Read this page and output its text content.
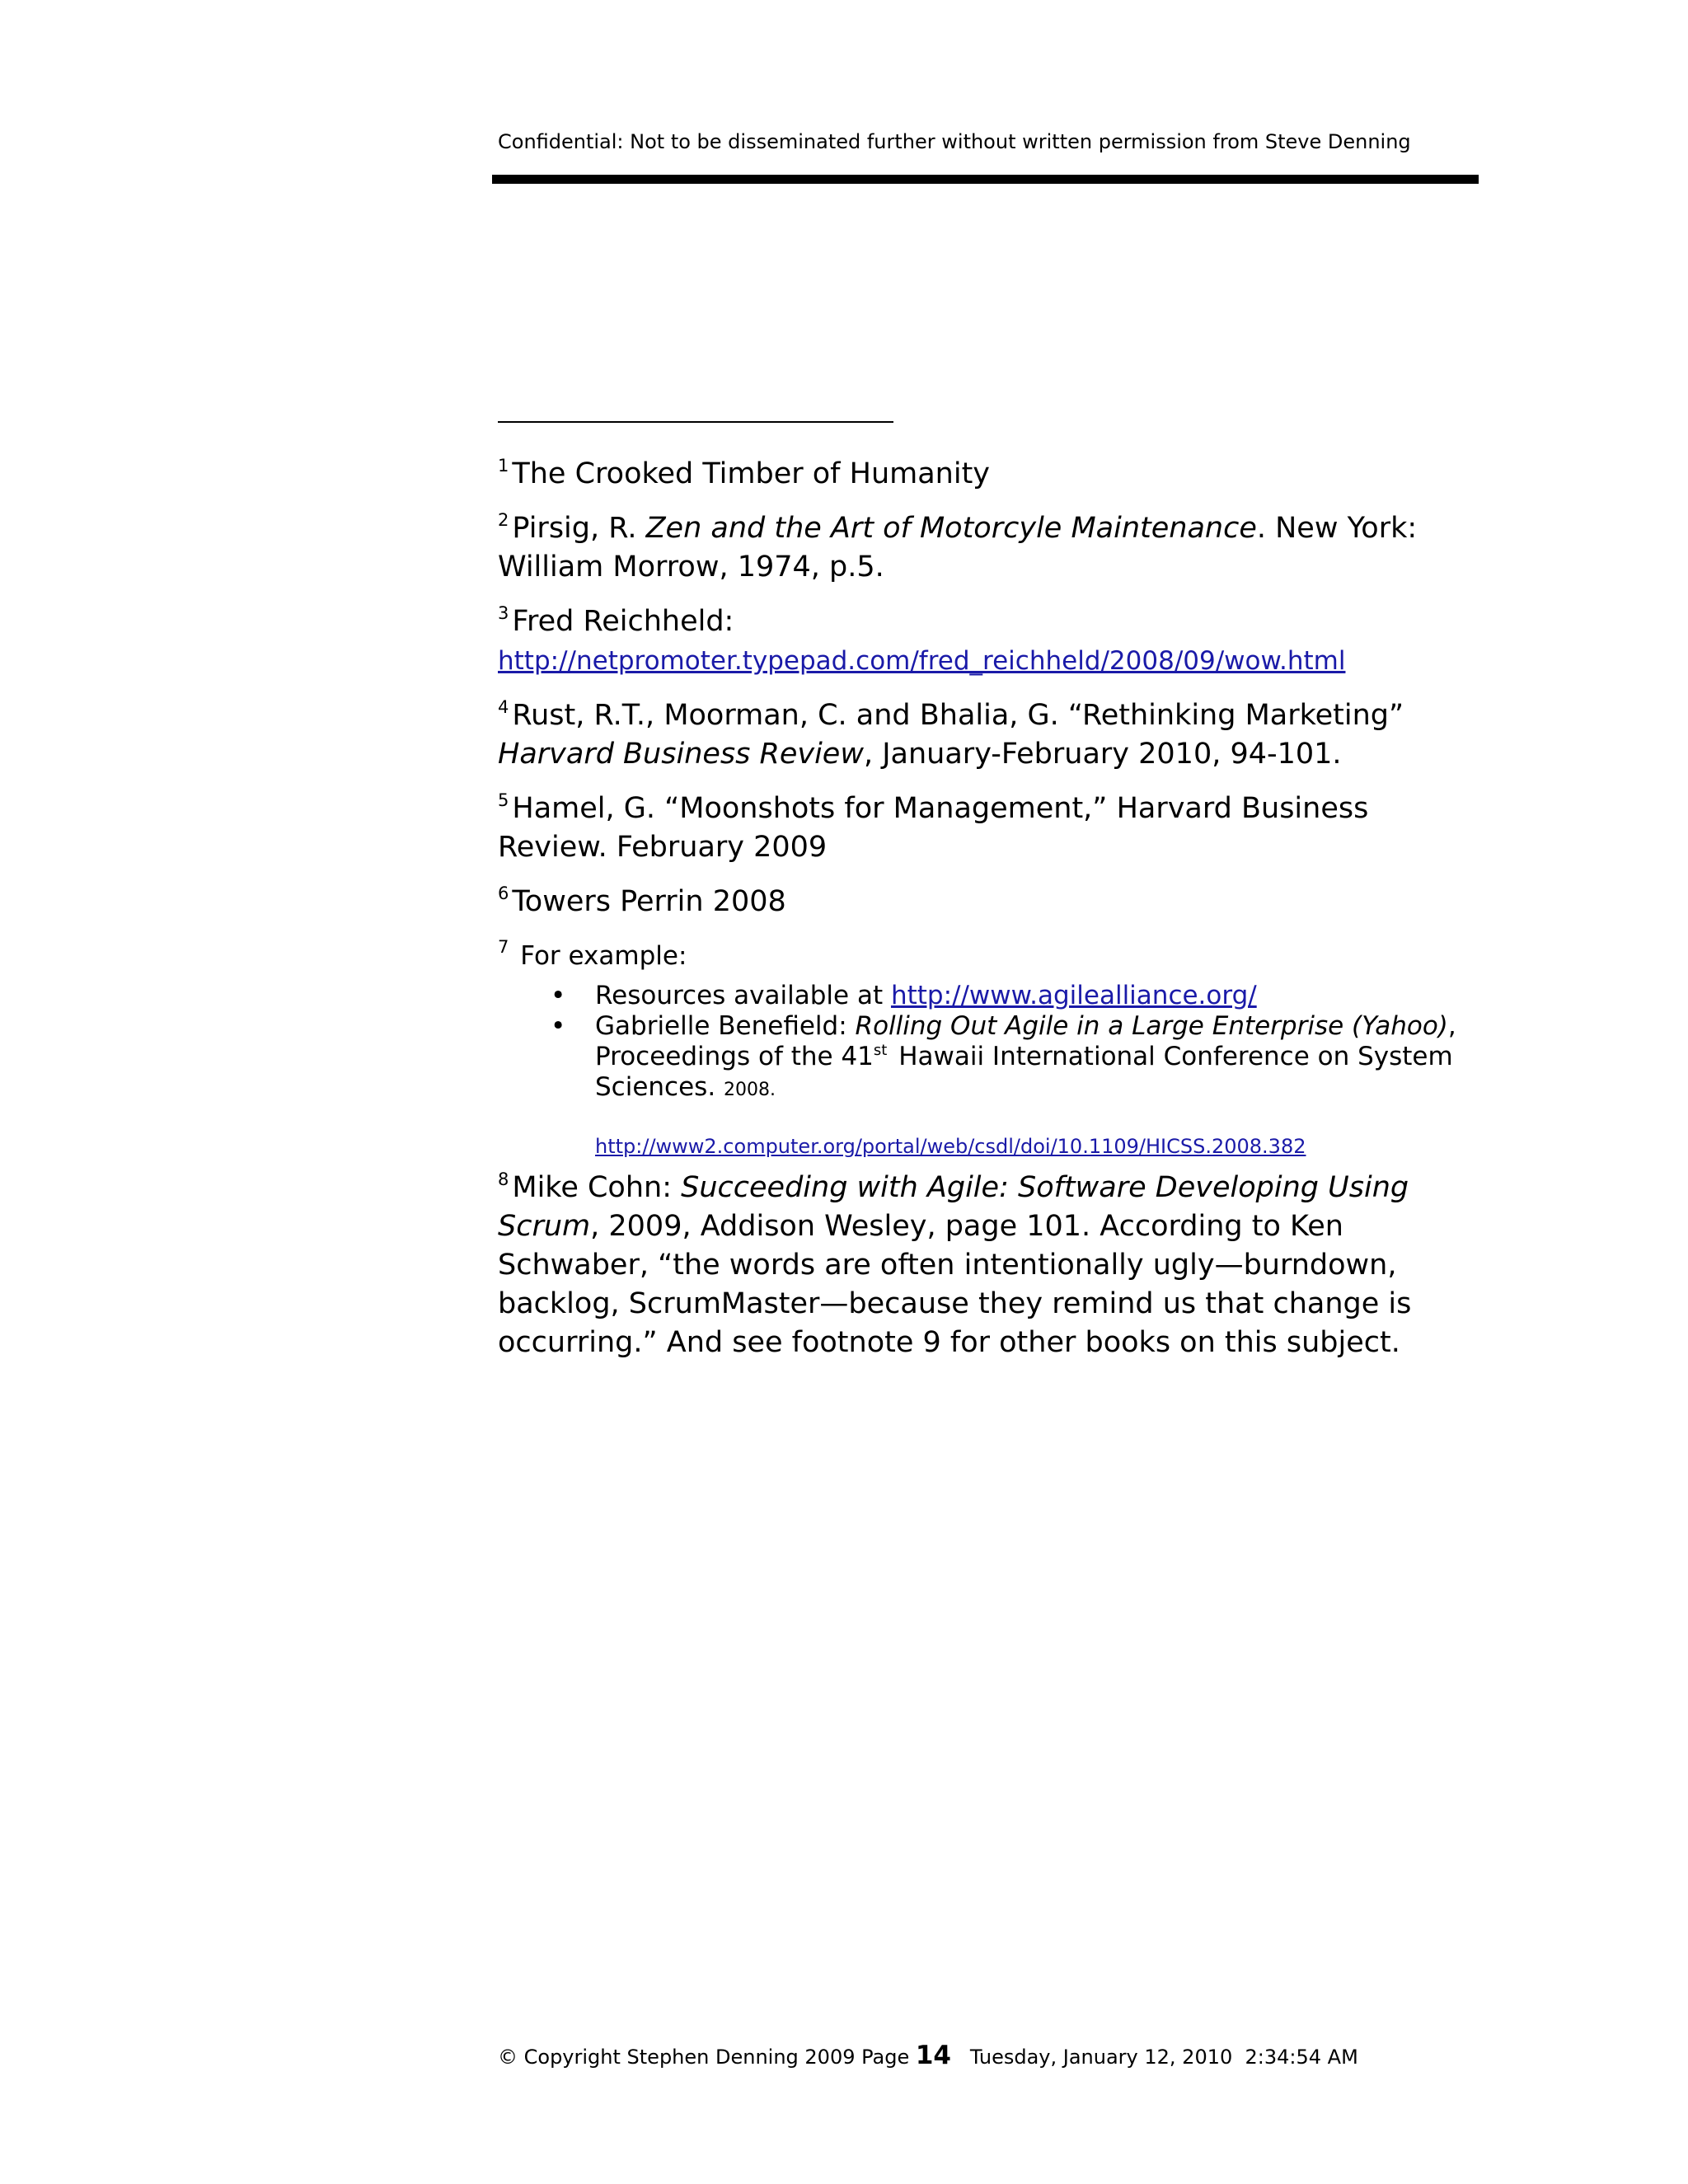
Confidential: Not to be disseminated further without written permission from Steve Denning

$^1$ The Crooked Timber of Humanity

$^2$ Pirsig, R. Zen and the Art of Motorcyle Maintenance. New York: William Morrow, 1974, p.5.

$^3$ Fred Reichheld:
http://netpromoter.typepad.com/fred_reichheld/2008/09/wow.html

$^4$ Rust, R.T., Moorman, C. and Bhalia, G. “Rethinking Marketing” Harvard Business Review, January-February 2010, 94-101.

$^5$ Hamel, G. “Moonshots for Management,” Harvard Business Review. February 2009

$^6$ Towers Perrin 2008

$^7$ For example:
• Resources available at http://www.agilealliance.org/
• Gabrielle Benefield: Rolling Out Agile in a Large Enterprise (Yahoo), Proceedings of the 41st Hawaii International Conference on System Sciences. 2008.
http://www2.computer.org/portal/web/csdl/doi/10.1109/HICSS.2008.382

$^8$ Mike Cohn: Succeeding with Agile: Software Developing Using Scrum, 2009, Addison Wesley, page 101. According to Ken Schwaber, “the words are often intentionally ugly—burndown, backlog, ScrumMaster—because they remind us that change is occurring.” And see footnote 9 for other books on this subject.

© Copyright Stephen Denning 2009 Page 14   Tuesday, January 12, 2010  2:34:54 AM
